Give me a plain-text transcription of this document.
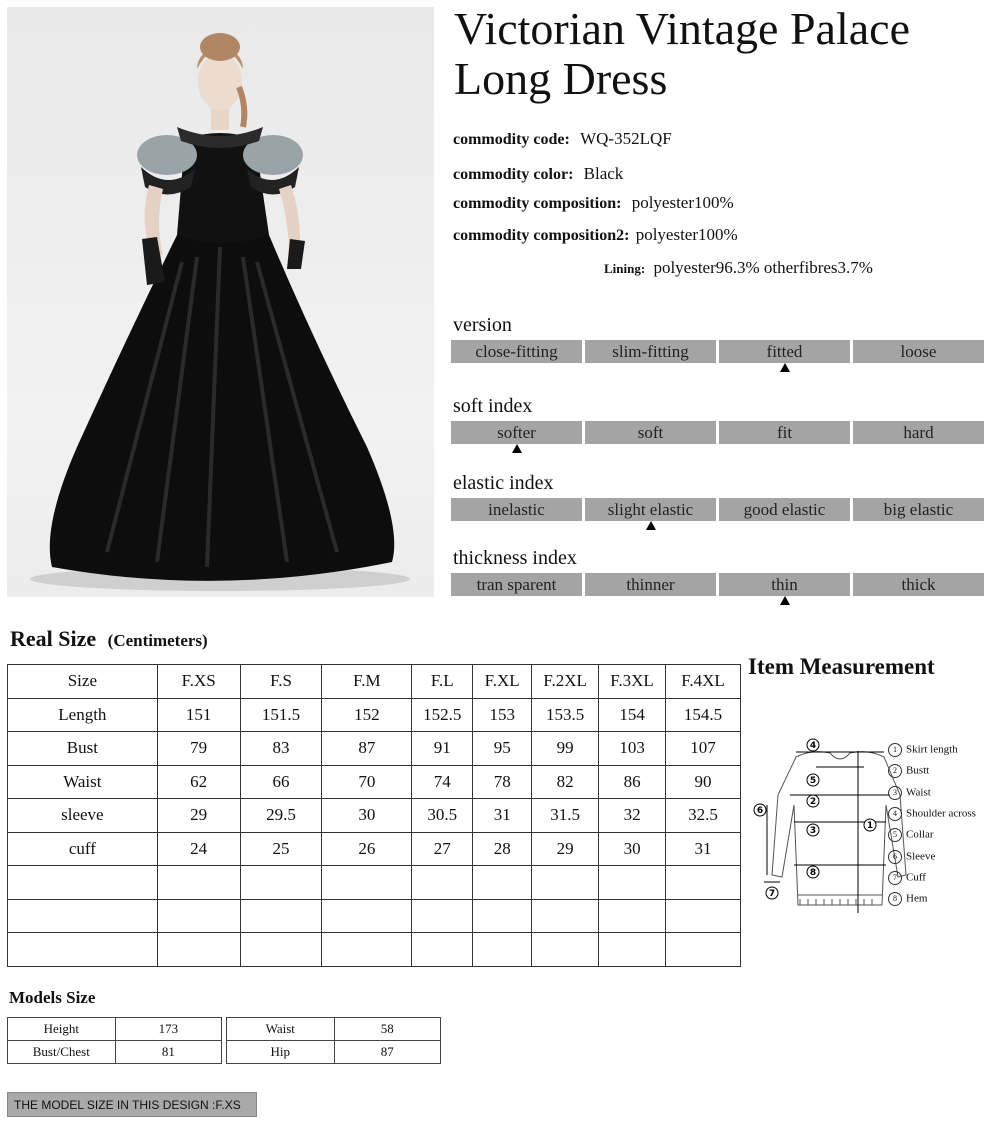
Victorian Vintage Palace Long Dress
commodity code: WQ-352LQF
commodity color: Black
commodity composition: polyester100%
commodity composition2: polyester100%
Lining: polyester96.3% otherfibres3.7%
version
close-fitting	slim-fitting	fitted	loose
soft index
softer	soft	fit	hard
elastic index
inelastic	slight elastic	good elastic	big elastic
thickness index
tran sparent	thinner	thin	thick
Real Size (Centimeters)
Size	F.XS	F.S	F.M	F.L	F.XL	F.2XL	F.3XL	F.4XL
Length	151	151.5	152	152.5	153	153.5	154	154.5
Bust	79	83	87	91	95	99	103	107
Waist	62	66	70	74	78	82	86	90
sleeve	29	29.5	30	30.5	31	31.5	32	32.5
cuff	24	25	26	27	28	29	30	31

Item Measurement
4
5
2
3
8
1
6
7
1 Skirt length
2 Bustt
3 Waist
4 Shoulder across
5 Collar
6 Sleeve
7 Cuff
8 Hem
Models Size
Height	173
Bust/Chest	81
Waist	58
Hip	87
THE MODEL SIZE IN THIS DESIGN :F.XS
